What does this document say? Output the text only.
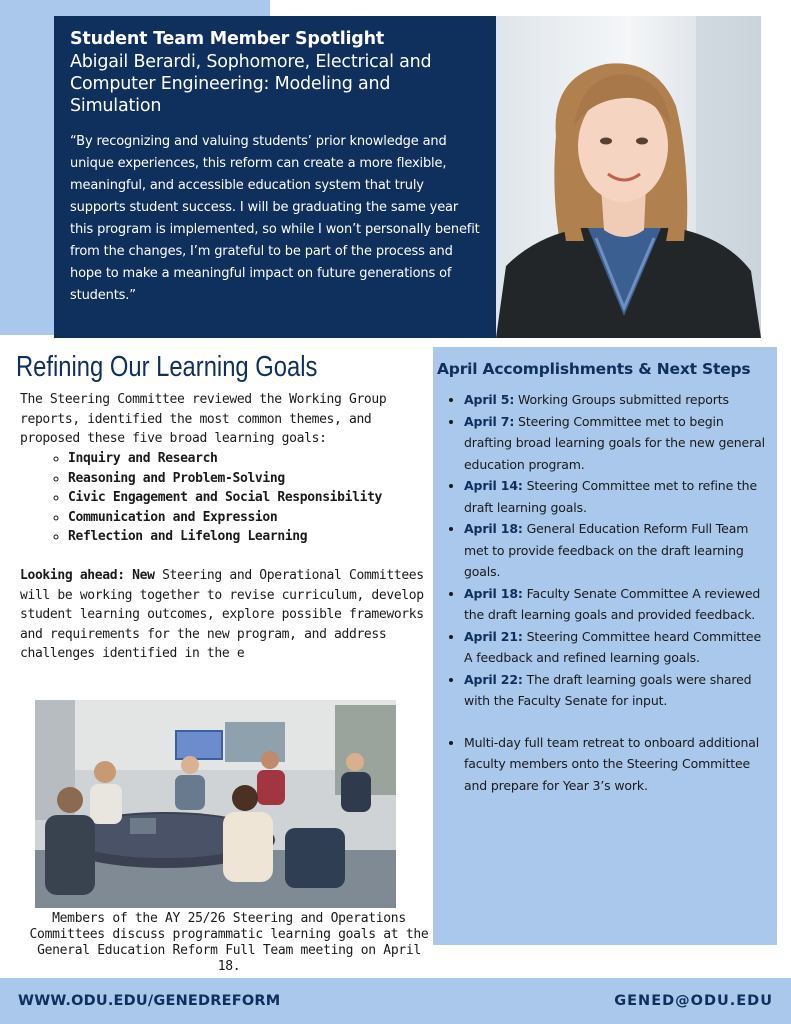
Student Team Member Spotlight
Abigail Berardi, Sophomore, Electrical and Computer Engineering: Modeling and Simulation
“By recognizing and valuing students’ prior knowledge and unique experiences, this reform can create a more flexible, meaningful, and accessible education system that truly supports student success. I will be graduating the same year this program is implemented, so while I won’t personally benefit from the changes, I’m grateful to be part of the process and hope to make a meaningful impact on future generations of students.”
Refining Our Learning Goals
The Steering Committee reviewed the Working Group reports, identified the most common themes, and proposed these five broad learning goals:
◦ Inquiry and Research
◦ Reasoning and Problem-Solving
◦ Civic Engagement and Social Responsibility
◦ Communication and Expression
◦ Reflection and Lifelong Learning
Looking ahead: New Steering and Operational Committees will be working together to revise curriculum, develop student learning outcomes, explore possible frameworks and requirements for the new program, and address challenges identified in the e
Members of the AY 25/26 Steering and Operations Committees discuss programmatic learning goals at the General Education Reform Full Team meeting on April 18.
April Accomplishments & Next Steps
• April 5: Working Groups submitted reports
• April 7: Steering Committee met to begin drafting broad learning goals for the new general education program.
• April 14: Steering Committee met to refine the draft learning goals.
• April 18: General Education Reform Full Team met to provide feedback on the draft learning goals.
• April 18: Faculty Senate Committee A reviewed the draft learning goals and provided feedback.
• April 21: Steering Committee heard Committee A feedback and refined learning goals.
• April 22: The draft learning goals were shared with the Faculty Senate for input.
• Multi-day full team retreat to onboard additional faculty members onto the Steering Committee and prepare for Year 3’s work.
WWW.ODU.EDU/GENEDREFORM	GENED@ODU.EDU
